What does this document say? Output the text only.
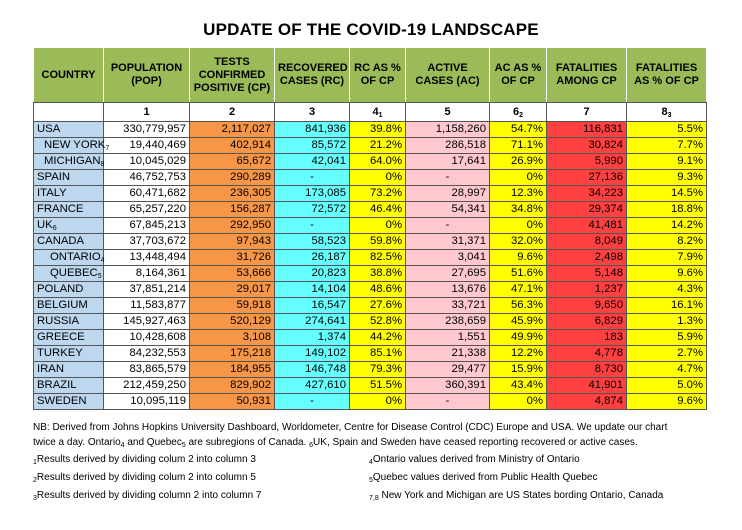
UPDATE OF THE COVID-19 LANDSCAPE
COUNTRY	POPULATION (POP)	TESTS CONFIRMED POSITIVE (CP)	RECOVERED CASES (RC)	RC AS % OF CP	ACTIVE CASES (AC)	AC AS % OF CP	FATALITIES AMONG CP	FATALITIES AS % OF CP
	1	2	3	$4_1$	5	$6_2$	7	$8_3$
USA	330,779,957	2,117,027	841,936	39.8%	1,158,260	54.7%	116,831	5.5%
NEW $YORK_7$	19,440,469	402,914	85,572	21.2%	286,518	71.1%	30,824	7.7%
$MICHIGAN_8$	10,045,029	65,672	42,041	64.0%	17,641	26.9%	5,990	9.1%
SPAIN	46,752,753	290,289	-	0%	-	0%	27,136	9.3%
ITALY	60,471,682	236,305	173,085	73.2%	28,997	12.3%	34,223	14.5%
FRANCE	65,257,220	156,287	72,572	46.4%	54,341	34.8%	29,374	18.8%
$UK_6$	67,845,213	292,950	-	0%	-	0%	41,481	14.2%
CANADA	37,703,672	97,943	58,523	59.8%	31,371	32.0%	8,049	8.2%
$ONTARIO_4$	13,448,494	31,726	26,187	82.5%	3,041	9.6%	2,498	7.9%
$QUEBEC_5$	8,164,361	53,666	20,823	38.8%	27,695	51.6%	5,148	9.6%
POLAND	37,851,214	29,017	14,104	48.6%	13,676	47.1%	1,237	4.3%
BELGIUM	11,583,877	59,918	16,547	27.6%	33,721	56.3%	9,650	16.1%
RUSSIA	145,927,463	520,129	274,641	52.8%	238,659	45.9%	6,829	1.3%
GREECE	10,428,608	3,108	1,374	44.2%	1,551	49.9%	183	5.9%
TURKEY	84,232,553	175,218	149,102	85.1%	21,338	12.2%	4,778	2.7%
IRAN	83,865,579	184,955	146,748	79.3%	29,477	15.9%	8,730	4.7%
BRAZIL	212,459,250	829,902	427,610	51.5%	360,391	43.4%	41,901	5.0%
SWEDEN	10,095,119	50,931	-	0%	-	0%	4,874	9.6%
NB: Derived from Johns Hopkins University Dashboard, Worldometer, Centre for Disease Control (CDC) Europe and USA. We update our chart
twice a day. Ontario$_4$ and Quebec$_5$ are subregions of Canada. $_6$UK, Spain and Sweden have ceased reporting recovered or active cases.
$_1$Results derived by dividing colum 2 into column 3	$_4$Ontario values derived from Ministry of Ontario
$_2$Results derived by dividing colum 2 into column 5	$_5$Quebec values derived from Public Health Quebec
$_3$Results derived by dividing column 2 into column 7	$_{7,8}$ New York and Michigan are US States bording Ontario, Canada
